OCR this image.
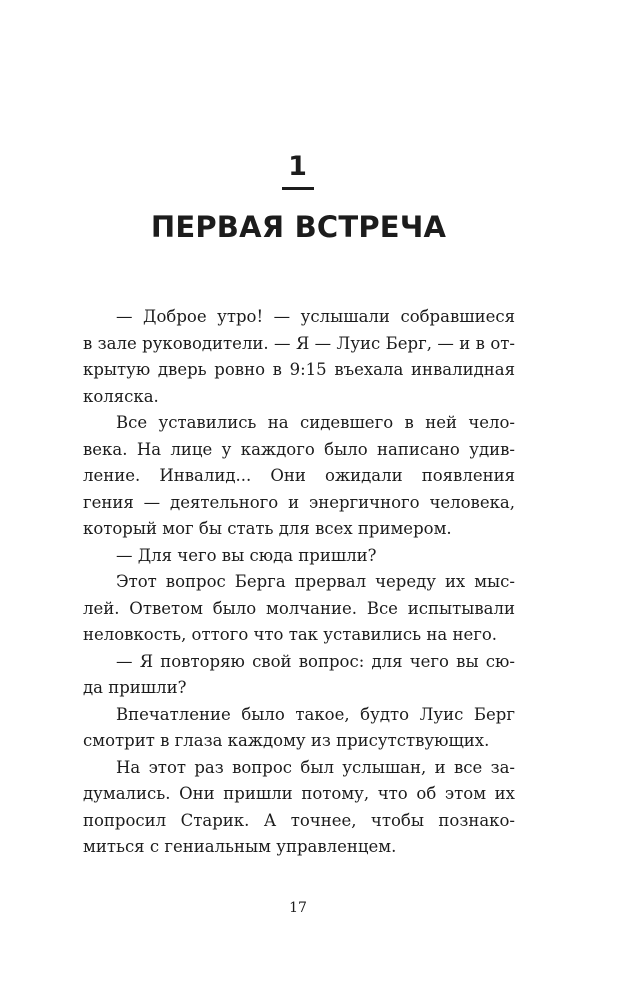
1
ПЕРВАЯ ВСТРЕЧА
— Доброе утро! — услышали собравшиеся
в зале руководители. — Я — Луис Берг, — и в от-
крытую дверь ровно в 9:15 въехала инвалидная
коляска.
Все уставились на сидевшего в ней чело-
века. На лице у каждого было написано удив-
ление. Инвалид... Они ожидали появления
гения — деятельного и энергичного человека,
который мог бы стать для всех примером.
— Для чего вы сюда пришли?
Этот вопрос Берга прервал череду их мыс-
лей. Ответом было молчание. Все испытывали
неловкость, оттого что так уставились на него.
— Я повторяю свой вопрос: для чего вы сю-
да пришли?
Впечатление было такое, будто Луис Берг
смотрит в глаза каждому из присутствующих.
На этот раз вопрос был услышан, и все за-
думались. Они пришли потому, что об этом их
попросил Старик. А точнее, чтобы познако-
миться с гениальным управленцем.
17
